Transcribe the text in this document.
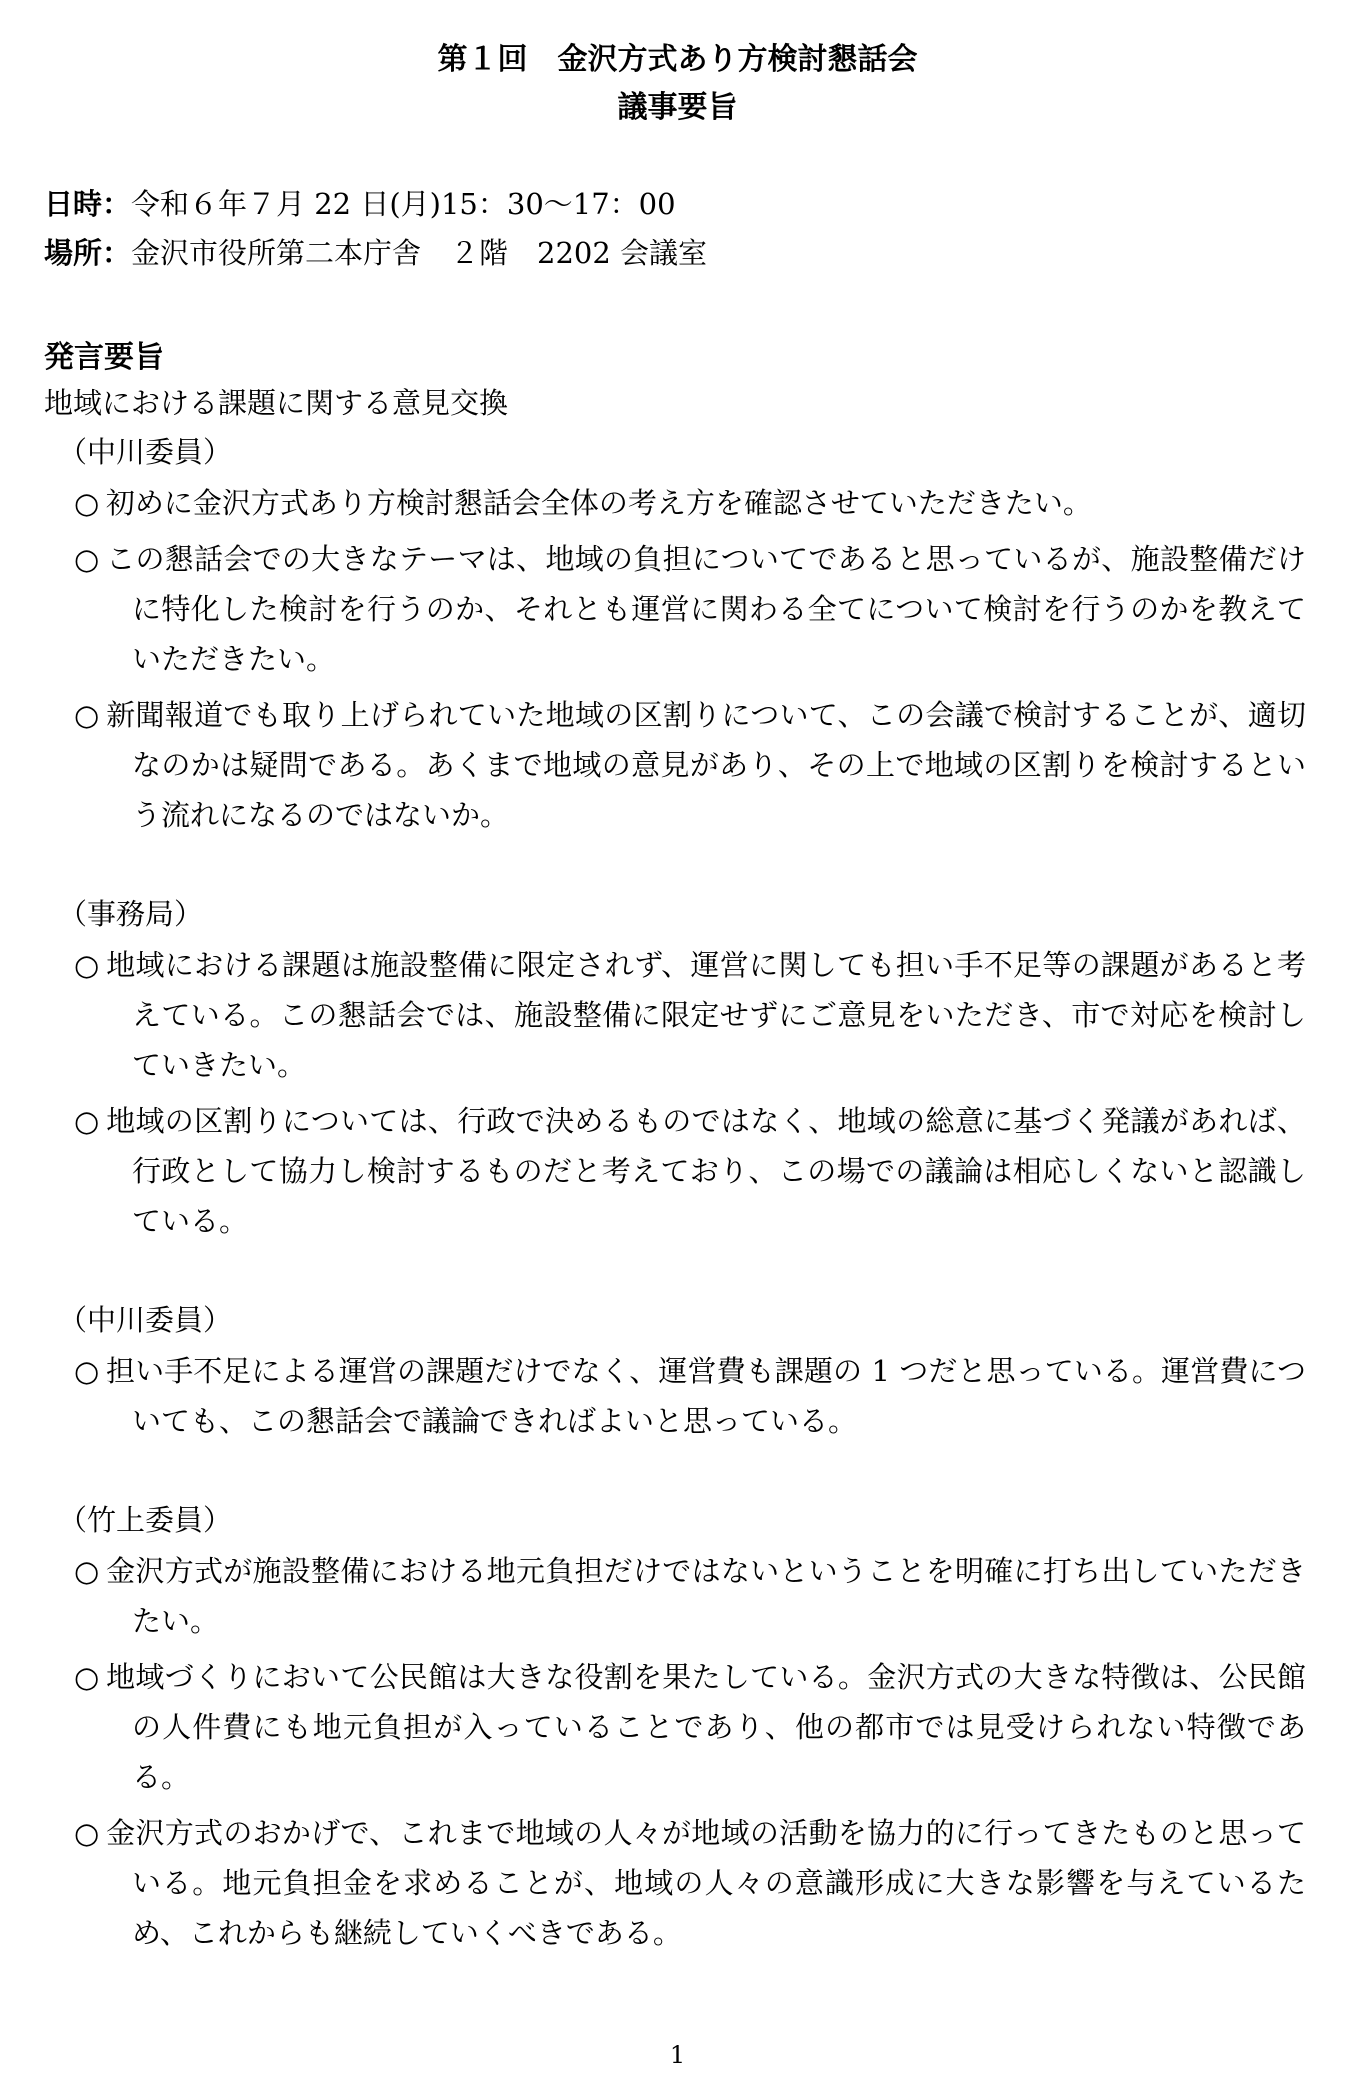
第１回　金沢方式あり方検討懇話会
議事要旨
日時：令和６年７月 22 日(月)15：30～17：00
場所：金沢市役所第二本庁舎　２階　2202 会議室
発言要旨
地域における課題に関する意見交換
（中川委員）
○ 初めに金沢方式あり方検討懇話会全体の考え方を確認させていただきたい。
○ この懇話会での大きなテーマは、地域の負担についてであると思っているが、施設整備だけに特化した検討を行うのか、それとも運営に関わる全てについて検討を行うのかを教えていただきたい。
○ 新聞報道でも取り上げられていた地域の区割りについて、この会議で検討することが、適切なのかは疑問である。あくまで地域の意見があり、その上で地域の区割りを検討するという流れになるのではないか。
（事務局）
○ 地域における課題は施設整備に限定されず、運営に関しても担い手不足等の課題があると考えている。この懇話会では、施設整備に限定せずにご意見をいただき、市で対応を検討していきたい。
○ 地域の区割りについては、行政で決めるものではなく、地域の総意に基づく発議があれば、行政として協力し検討するものだと考えており、この場での議論は相応しくないと認識している。
（中川委員）
○ 担い手不足による運営の課題だけでなく、運営費も課題の 1 つだと思っている。運営費についても、この懇話会で議論できればよいと思っている。
（竹上委員）
○ 金沢方式が施設整備における地元負担だけではないということを明確に打ち出していただきたい。
○ 地域づくりにおいて公民館は大きな役割を果たしている。金沢方式の大きな特徴は、公民館の人件費にも地元負担が入っていることであり、他の都市では見受けられない特徴である。
○ 金沢方式のおかげで、これまで地域の人々が地域の活動を協力的に行ってきたものと思っている。地元負担金を求めることが、地域の人々の意識形成に大きな影響を与えているため、これからも継続していくべきである。
1
